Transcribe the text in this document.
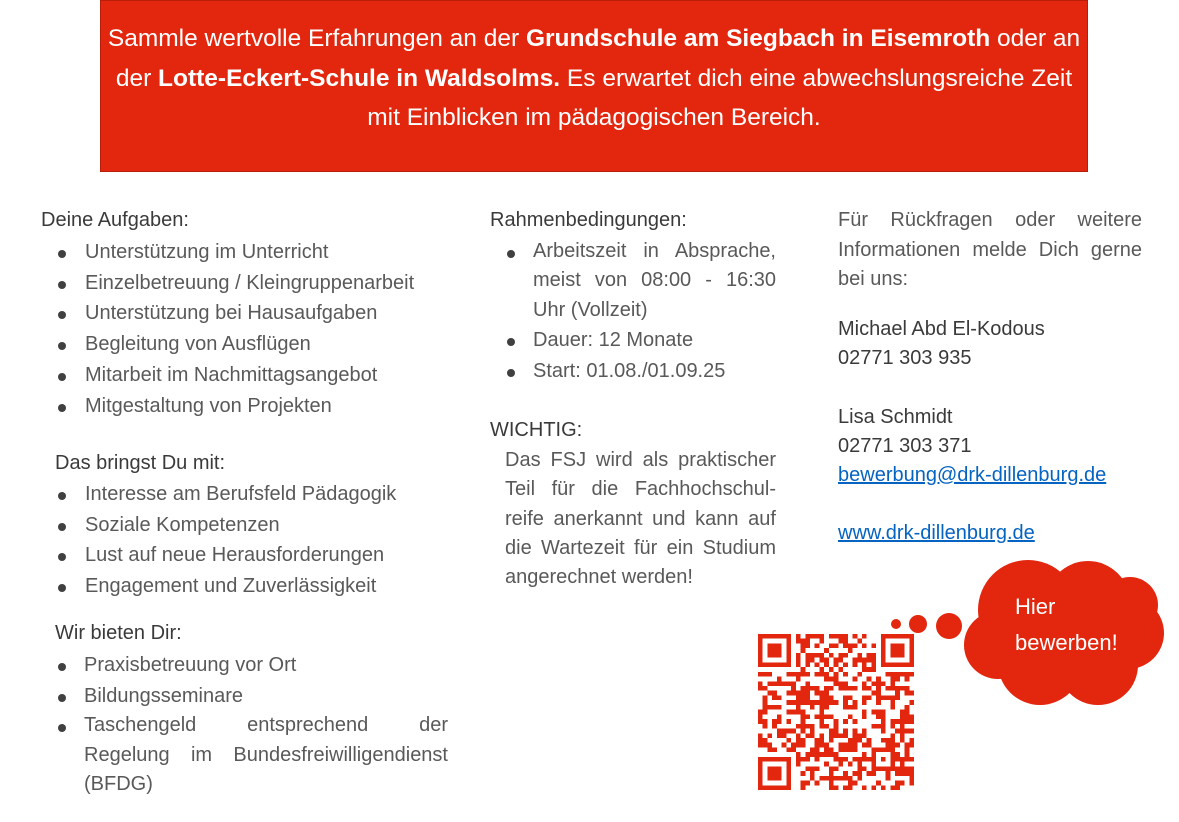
Sammle wertvolle Erfahrungen an der Grundschule am Siegbach in Eisemroth oder an der Lotte-Eckert-Schule in Waldsolms. Es erwartet dich eine abwechslungsreiche Zeit mit Einblicken im pädagogischen Bereich.
Deine Aufgaben:
Unterstützung im Unterricht
Einzelbetreuung / Kleingruppenarbeit
Unterstützung bei Hausaufgaben
Begleitung von Ausflügen
Mitarbeit im Nachmittagsangebot
Mitgestaltung von Projekten
Das bringst Du mit:
Interesse am Berufsfeld Pädagogik
Soziale Kompetenzen
Lust auf neue Herausforderungen
Engagement und Zuverlässigkeit
Wir bieten Dir:
Praxisbetreuung vor Ort
Bildungsseminare
Taschengeld entsprechend der Regelung im Bundesfreiwilligendienst (BFDG)
Rahmenbedingungen:
Arbeitszeit in Absprache, meist von 08:00 - 16:30 Uhr (Vollzeit)
Dauer: 12 Monate
Start: 01.08./01.09.25
WICHTIG:
Das FSJ wird als praktischer Teil für die Fachhochschul-reife anerkannt und kann auf die Wartezeit für ein Studium angerechnet werden!
Für Rückfragen oder weitere Informationen melde Dich gerne bei uns:
Michael Abd El-Kodous
02771 303 935
Lisa Schmidt
02771 303 371
bewerbung@drk-dillenburg.de
www.drk-dillenburg.de
Hier
bewerben!
